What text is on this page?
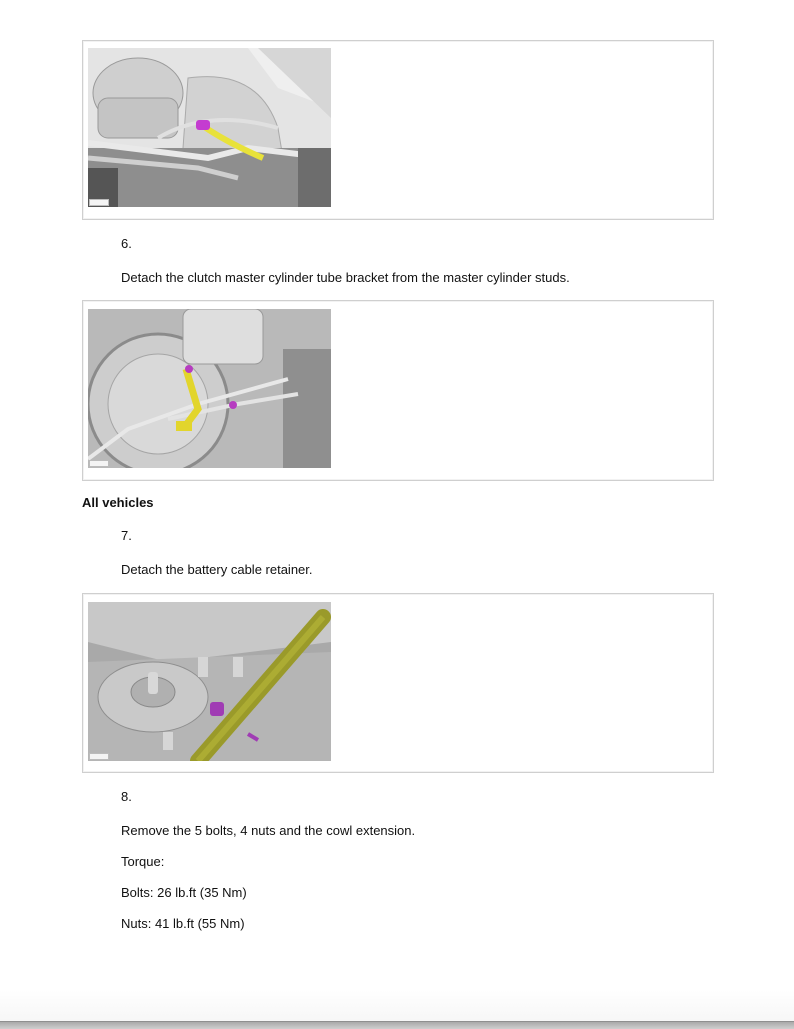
6.
Detach the clutch master cylinder tube bracket from the master cylinder studs.
All vehicles
7.
Detach the battery cable retainer.
8.
Remove the 5 bolts, 4 nuts and the cowl extension.
Torque:
Bolts: 26 lb.ft (35 Nm)
Nuts: 41 lb.ft (55 Nm)
